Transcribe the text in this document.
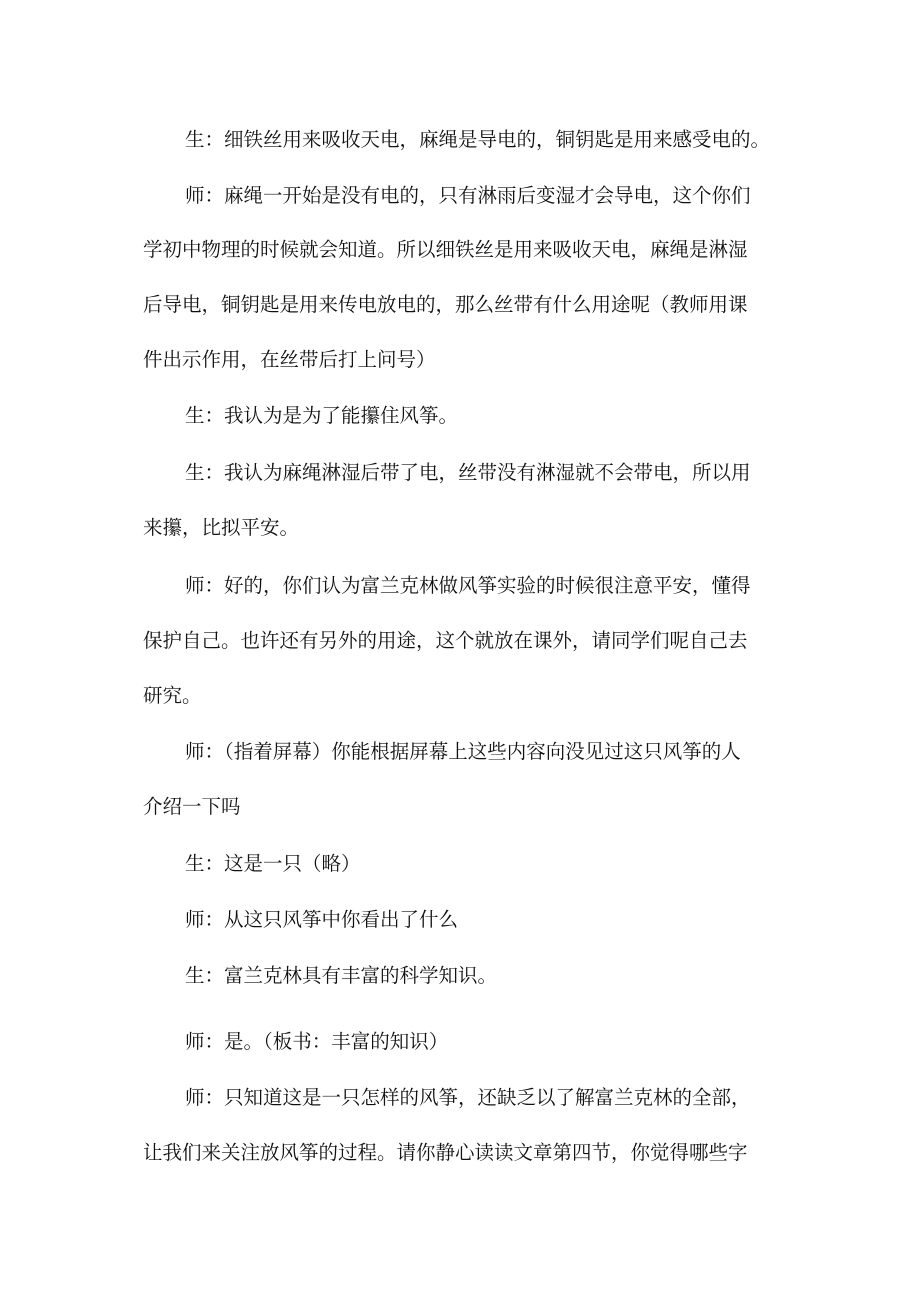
生：细铁丝用来吸收天电，麻绳是导电的，铜钥匙是用来感受电的。
师：麻绳一开始是没有电的，只有淋雨后变湿才会导电，这个你们
学初中物理的时候就会知道。所以细铁丝是用来吸收天电，麻绳是淋湿
后导电，铜钥匙是用来传电放电的，那么丝带有什么用途呢（教师用课
件出示作用，在丝带后打上问号）
生：我认为是为了能攥住风筝。
生：我认为麻绳淋湿后带了电，丝带没有淋湿就不会带电，所以用
来攥，比拟平安。
师：好的，你们认为富兰克林做风筝实验的时候很注意平安，懂得
保护自己。也许还有另外的用途，这个就放在课外，请同学们呢自己去
研究。
师：（指着屏幕）你能根据屏幕上这些内容向没见过这只风筝的人
介绍一下吗
生：这是一只（略）
师：从这只风筝中你看出了什么
生：富兰克林具有丰富的科学知识。
师：是。（板书：丰富的知识）
师：只知道这是一只怎样的风筝，还缺乏以了解富兰克林的全部，
让我们来关注放风筝的过程。请你静心读读文章第四节，你觉得哪些字
